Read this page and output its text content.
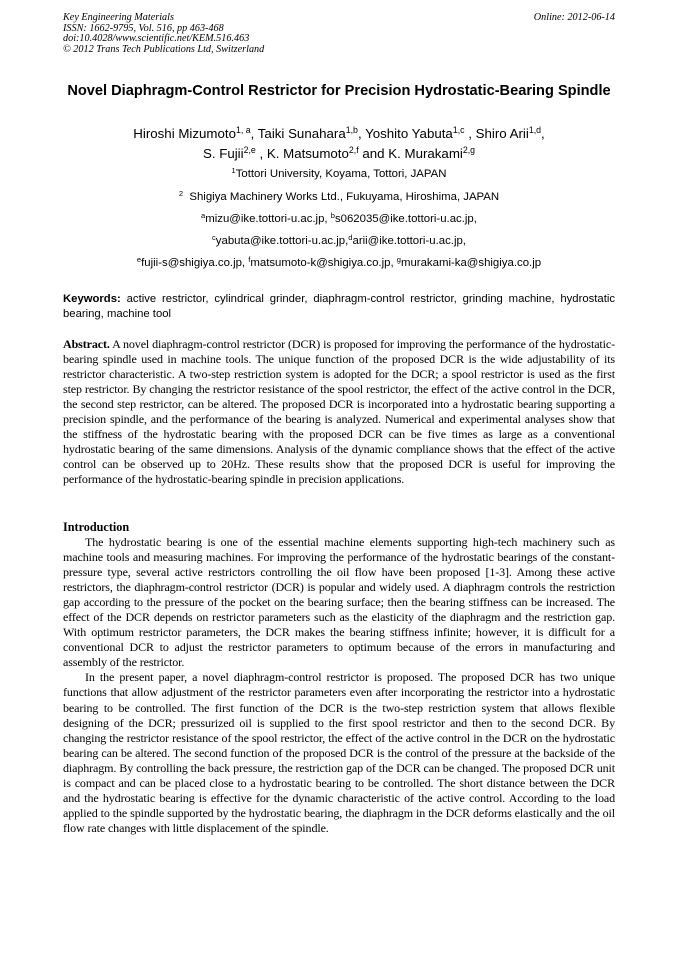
Key Engineering Materials
ISSN: 1662-9795, Vol. 516, pp 463-468
doi:10.4028/www.scientific.net/KEM.516.463
© 2012 Trans Tech Publications Ltd, Switzerland
Online: 2012-06-14
Novel Diaphragm-Control Restrictor for Precision Hydrostatic-Bearing Spindle
Hiroshi Mizumoto$^{1, a}$, Taiki Sunahara$^{1,b}$, Yoshito Yabuta$^{1,c}$ , Shiro Arii$^{1,d}$,
S. Fujii$^{2,e}$ , K. Matsumoto$^{2,f}$ and K. Murakami$^{2,g}$
$^1$Tottori University, Koyama, Tottori, JAPAN
$^2$ Shigiya Machinery Works Ltd., Fukuyama, Hiroshima, JAPAN
$^a$mizu@ike.tottori-u.ac.jp, $^b$s062035@ike.tottori-u.ac.jp,
$^c$yabuta@ike.tottori-u.ac.jp,$^d$arii@ike.tottori-u.ac.jp,
$^e$fujii-s@shigiya.co.jp, $^f$matsumoto-k@shigiya.co.jp, $^g$murakami-ka@shigiya.co.jp
Keywords: active restrictor, cylindrical grinder, diaphragm-control restrictor, grinding machine, hydrostatic bearing, machine tool
Abstract. A novel diaphragm-control restrictor (DCR) is proposed for improving the performance of the hydrostatic-bearing spindle used in machine tools. The unique function of the proposed DCR is the wide adjustability of its restrictor characteristic. A two-step restriction system is adopted for the DCR; a spool restrictor is used as the first step restrictor. By changing the restrictor resistance of the spool restrictor, the effect of the active control in the DCR, the second step restrictor, can be altered. The proposed DCR is incorporated into a hydrostatic bearing supporting a precision spindle, and the performance of the bearing is analyzed. Numerical and experimental analyses show that the stiffness of the hydrostatic bearing with the proposed DCR can be five times as large as a conventional hydrostatic bearing of the same dimensions. Analysis of the dynamic compliance shows that the effect of the active control can be observed up to 20Hz. These results show that the proposed DCR is useful for improving the performance of the hydrostatic-bearing spindle in precision applications.
Introduction

The hydrostatic bearing is one of the essential machine elements supporting high-tech machinery such as machine tools and measuring machines. For improving the performance of the hydrostatic bearings of the constant-pressure type, several active restrictors controlling the oil flow have been proposed [1-3]. Among these active restrictors, the diaphragm-control restrictor (DCR) is popular and widely used. A diaphragm controls the restriction gap according to the pressure of the pocket on the bearing surface; then the bearing stiffness can be increased. The effect of the DCR depends on restrictor parameters such as the elasticity of the diaphragm and the restriction gap. With optimum restrictor parameters, the DCR makes the bearing stiffness infinite; however, it is difficult for a conventional DCR to adjust the restrictor parameters to optimum because of the errors in manufacturing and assembly of the restrictor.

In the present paper, a novel diaphragm-control restrictor is proposed. The proposed DCR has two unique functions that allow adjustment of the restrictor parameters even after incorporating the restrictor into a hydrostatic bearing to be controlled. The first function of the DCR is the two-step restriction system that allows flexible designing of the DCR; pressurized oil is supplied to the first spool restrictor and then to the second DCR. By changing the restrictor resistance of the spool restrictor, the effect of the active control in the DCR on the hydrostatic bearing can be altered. The second function of the proposed DCR is the control of the pressure at the backside of the diaphragm. By controlling the back pressure, the restriction gap of the DCR can be changed. The proposed DCR unit is compact and can be placed close to a hydrostatic bearing to be controlled. The short distance between the DCR and the hydrostatic bearing is effective for the dynamic characteristic of the active control. According to the load applied to the spindle supported by the hydrostatic bearing, the diaphragm in the DCR deforms elastically and the oil flow rate changes with little displacement of the spindle.
